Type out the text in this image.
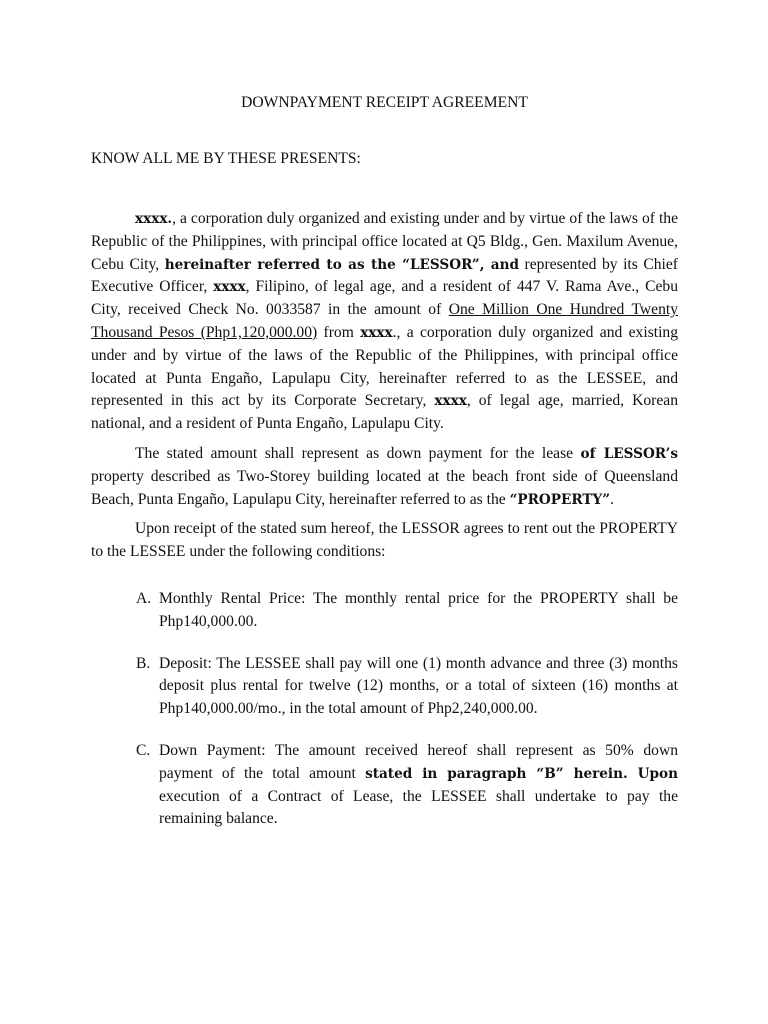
DOWNPAYMENT RECEIPT AGREEMENT

KNOW ALL ME BY THESE PRESENTS:

xxxx., a corporation duly organized and existing under and by virtue of the laws of the Republic of the Philippines, with principal office located at Q5 Bldg., Gen. Maxilum Avenue, Cebu City, hereinafter referred to as the “LESSOR”, and represented by its Chief Executive Officer, xxxx, Filipino, of legal age, and a resident of 447 V. Rama Ave., Cebu City, received Check No. 0033587 in the amount of One Million One Hundred Twenty Thousand Pesos (Php1,120,000.00) from xxxx., a corporation duly organized and existing under and by virtue of the laws of the Republic of the Philippines, with principal office located at Punta Engaño, Lapulapu City, hereinafter referred to as the LESSEE, and represented in this act by its Corporate Secretary, xxxx, of legal age, married, Korean national, and a resident of Punta Engaño, Lapulapu City.

The stated amount shall represent as down payment for the lease of LESSOR’s property described as Two-Storey building located at the beach front side of Queensland Beach, Punta Engaño, Lapulapu City, hereinafter referred to as the “PROPERTY”.

Upon receipt of the stated sum hereof, the LESSOR agrees to rent out the PROPERTY to the LESSEE under the following conditions:

A. Monthly Rental Price: The monthly rental price for the PROPERTY shall be Php140,000.00.
B. Deposit: The LESSEE shall pay will one (1) month advance and three (3) months deposit plus rental for twelve (12) months, or a total of sixteen (16) months at Php140,000.00/mo., in the total amount of Php2,240,000.00.
C. Down Payment: The amount received hereof shall represent as 50% down payment of the total amount stated in paragraph “B” herein. Upon execution of a Contract of Lease, the LESSEE shall undertake to pay the remaining balance.
